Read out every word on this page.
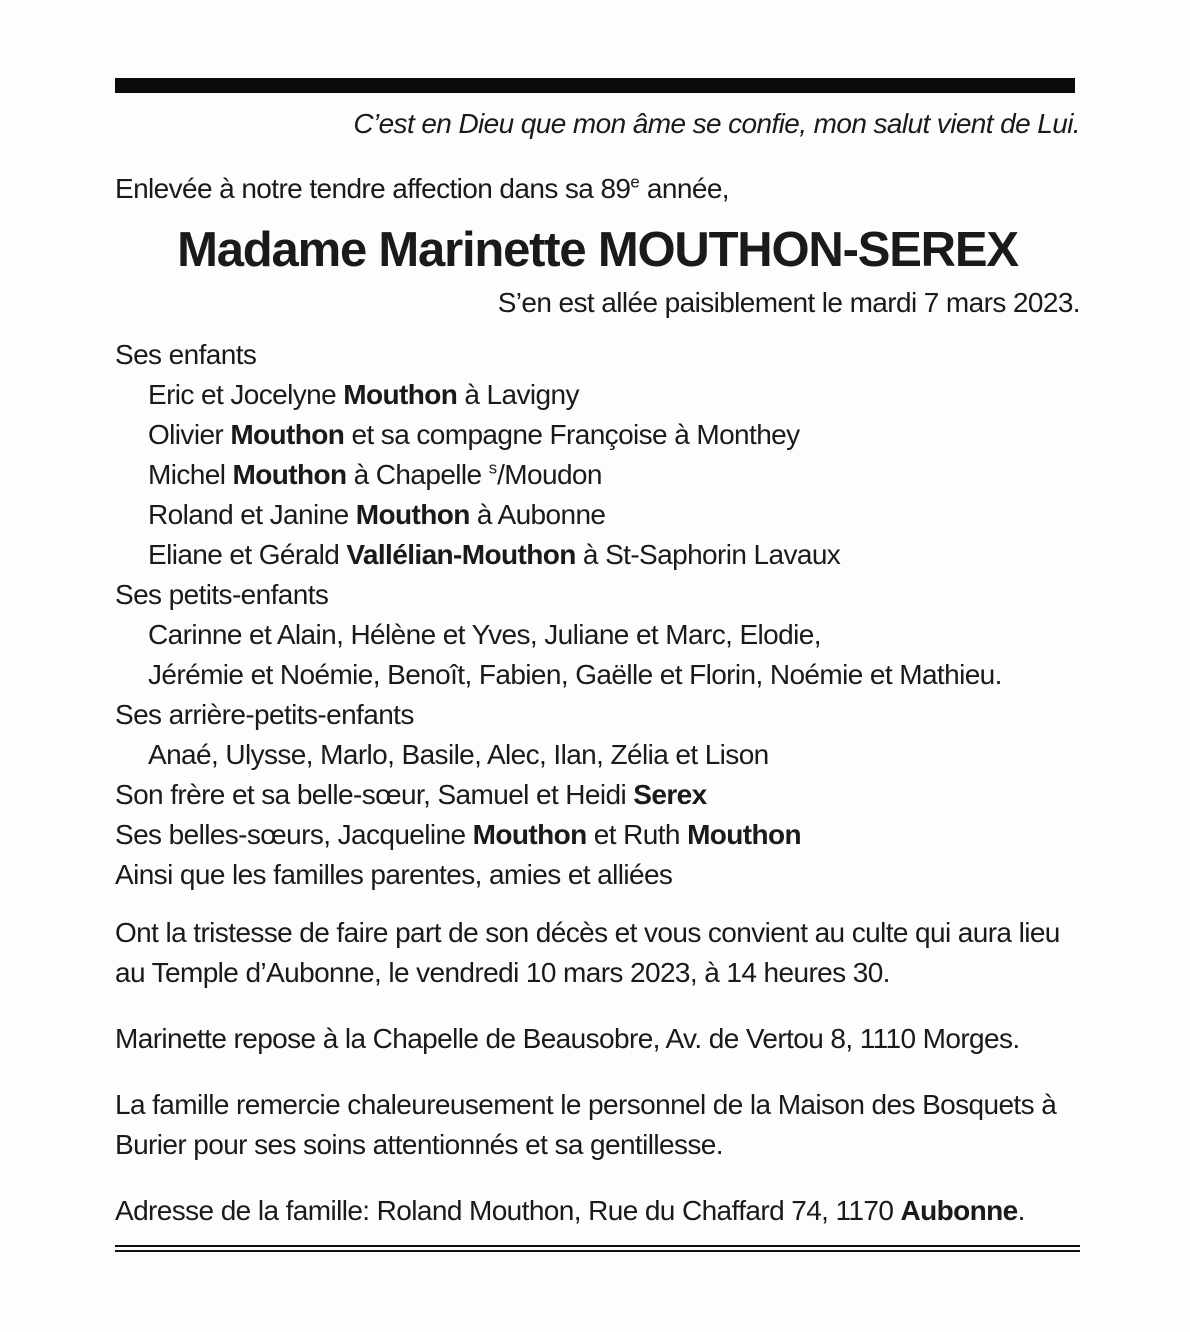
C’est en Dieu que mon âme se confie, mon salut vient de Lui.
Enlevée à notre tendre affection dans sa 89e année,
Madame Marinette MOUTHON-SEREX
S’en est allée paisiblement le mardi 7 mars 2023.
Ses enfants
Eric et Jocelyne Mouthon à Lavigny
Olivier Mouthon et sa compagne Françoise à Monthey
Michel Mouthon à Chapelle $^s$/Moudon
Roland et Janine Mouthon à Aubonne
Eliane et Gérald Vallélian-Mouthon à St-Saphorin Lavaux
Ses petits-enfants
Carinne et Alain, Hélène et Yves, Juliane et Marc, Elodie,
Jérémie et Noémie, Benoît, Fabien, Gaëlle et Florin, Noémie et Mathieu.
Ses arrière-petits-enfants
Anaé, Ulysse, Marlo, Basile, Alec, Ilan, Zélia et Lison
Son frère et sa belle-sœur, Samuel et Heidi Serex
Ses belles-sœurs, Jacqueline Mouthon et Ruth Mouthon
Ainsi que les familles parentes, amies et alliées

Ont la tristesse de faire part de son décès et vous convient au culte qui aura lieu au Temple d’Aubonne, le vendredi 10 mars 2023, à 14 heures 30.

Marinette repose à la Chapelle de Beausobre, Av. de Vertou 8, 1110 Morges.

La famille remercie chaleureusement le personnel de la Maison des Bosquets à Burier pour ses soins attentionnés et sa gentillesse.

Adresse de la famille: Roland Mouthon, Rue du Chaffard 74, 1170 Aubonne.
